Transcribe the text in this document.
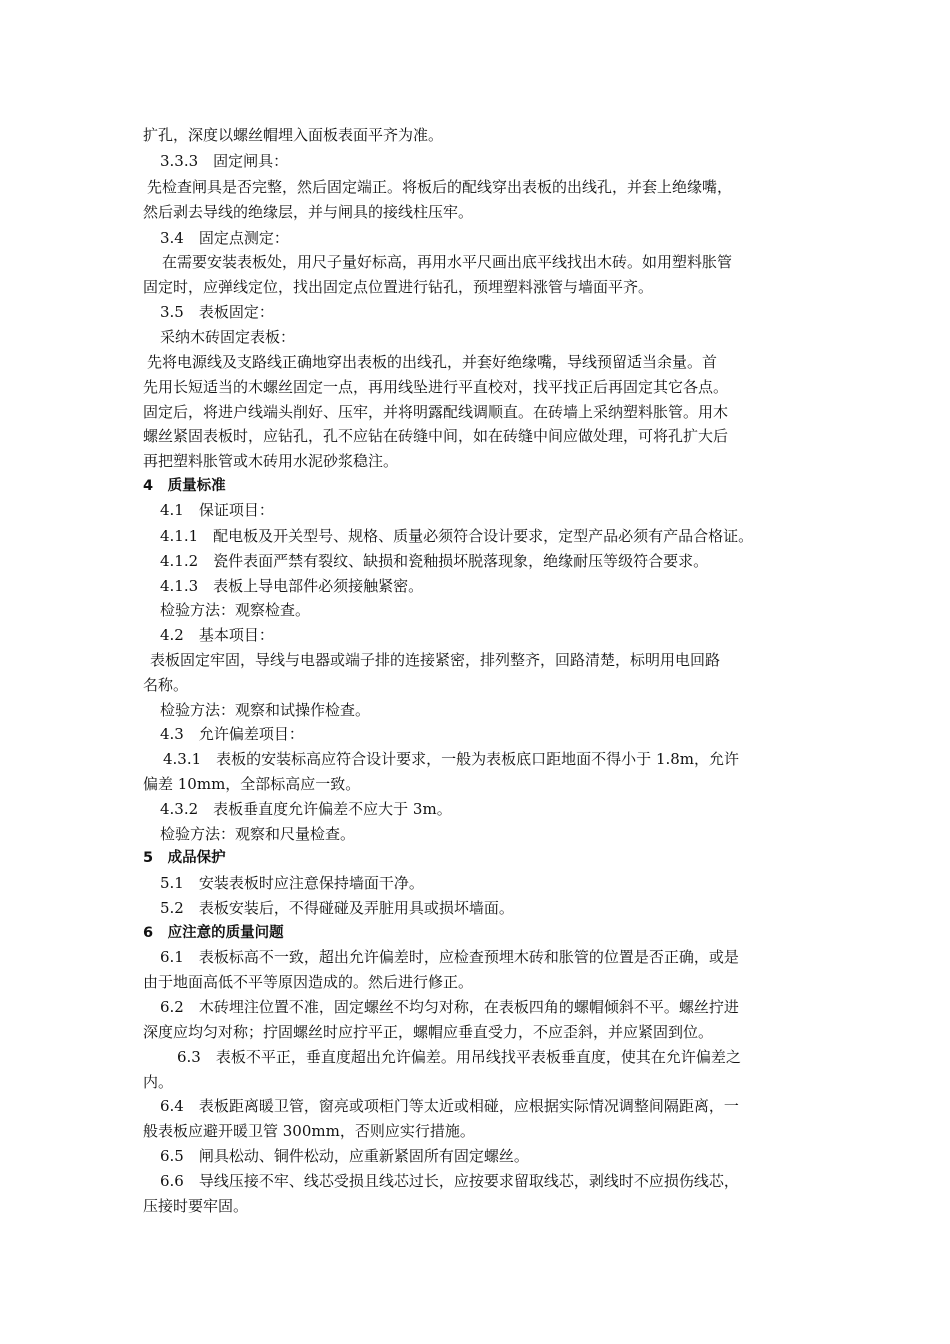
扩孔，深度以螺丝帽埋入面板表面平齐为准。
3.3.3　固定闸具：
先检查闸具是否完整，然后固定端正。将板后的配线穿出表板的出线孔，并套上绝缘嘴，
然后剥去导线的绝缘层，并与闸具的接线柱压牢。
3.4　固定点测定：
在需要安装表板处，用尺子量好标高，再用水平尺画出底平线找出木砖。如用塑料胀管
固定时，应弹线定位，找出固定点位置进行钻孔，预埋塑料涨管与墙面平齐。
3.5　表板固定：
采纳木砖固定表板：
先将电源线及支路线正确地穿出表板的出线孔，并套好绝缘嘴，导线预留适当余量。首
先用长短适当的木螺丝固定一点，再用线坠进行平直校对，找平找正后再固定其它各点。
固定后，将进户线端头削好、压牢，并将明露配线调顺直。在砖墙上采纳塑料胀管。用木
螺丝紧固表板时，应钻孔，孔不应钻在砖缝中间，如在砖缝中间应做处理，可将孔扩大后
再把塑料胀管或木砖用水泥砂浆稳注。
4　质量标准
4.1　保证项目：
4.1.1　配电板及开关型号、规格、质量必须符合设计要求，定型产品必须有产品合格证。
4.1.2　瓷件表面严禁有裂纹、缺损和瓷釉损坏脱落现象，绝缘耐压等级符合要求。
4.1.3　表板上导电部件必须接触紧密。
检验方法：观察检查。
4.2　基本项目：
表板固定牢固，导线与电器或端子排的连接紧密，排列整齐，回路清楚，标明用电回路
名称。
检验方法：观察和试操作检查。
4.3　允许偏差项目：
4.3.1　表板的安装标高应符合设计要求，一般为表板底口距地面不得小于 1.8m，允许
偏差 10mm，全部标高应一致。
4.3.2　表板垂直度允许偏差不应大于 3m。
检验方法：观察和尺量检查。
5　成品保护
5.1　安装表板时应注意保持墙面干净。
5.2　表板安装后，不得碰碰及弄脏用具或损坏墙面。
6　应注意的质量问题
6.1　表板标高不一致，超出允许偏差时，应检查预埋木砖和胀管的位置是否正确，或是
由于地面高低不平等原因造成的。然后进行修正。
6.2　木砖埋注位置不准，固定螺丝不均匀对称，在表板四角的螺帽倾斜不平。螺丝拧进
深度应均匀对称；拧固螺丝时应拧平正，螺帽应垂直受力，不应歪斜，并应紧固到位。
6.3　表板不平正，垂直度超出允许偏差。用吊线找平表板垂直度，使其在允许偏差之
内。
6.4　表板距离暖卫管，窗亮或项柜门等太近或相碰，应根据实际情况调整间隔距离，一
般表板应避开暖卫管 300mm，否则应实行措施。
6.5　闸具松动、铜件松动，应重新紧固所有固定螺丝。
6.6　导线压接不牢、线芯受损且线芯过长，应按要求留取线芯，剥线时不应损伤线芯，
压接时要牢固。
